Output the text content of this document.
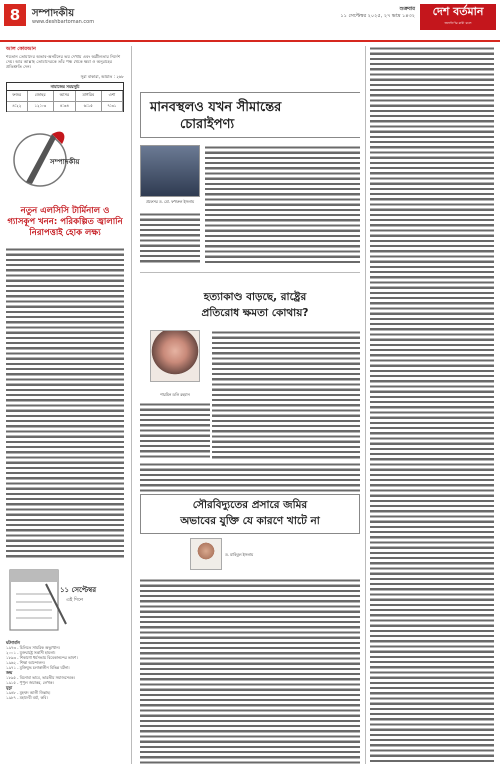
8	সম্পাদকীয়
www.deshbartoman.com
শুক্রবার
১১ সেপ্টেম্বর ২০২৫, ২৭ ভাদ্র ১৪৩২	দেশ বর্তমান
জনগণের কথা বলে
আল কোরআন
শয়তান তোমাদের অভাব-অনটনের ভয় দেখায় এবং অশ্লীলতার নির্দেশ দেয়। আর আল্লাহ তোমাদেরকে তাঁর পক্ষ থেকে ক্ষমা ও অনুগ্রহের প্রতিশ্রুতি দেন।
সূরা বাকারা, আয়াত : ২৬৮
নামাজের সময়সূচি
ফজর	জোহর	আসর	মাগরিব	এশা
৪:২২	১২:০৩	৪:৩৪	৬:১৫	৭:৩১
সম্পাদকীয়
নতুন এলসিসি টার্মিনাল ও গ্যাসকূপ খনন: পরিকল্পিত জ্বালানি নিরাপত্তাই হোক লক্ষ্য
১১ সেপ্টেম্বর
এই দিনে
ঘটনাবলি
১৯৭৩ - চিলিতে সামরিক অভ্যুত্থান।
২০০১ - যুক্তরাষ্ট্রে সন্ত্রাসী হামলা।
১৮৯৩ - শিকাগো ধর্মসভায় বিবেকানন্দের ভাষণ।
১৯৬২ - শিক্ষা আন্দোলন।
১৯৭১ - মুক্তিযুদ্ধ চলাকালীন বিভিন্ন ঘটনা।
জন্ম
১৮৯৫ - বিনোবা ভাবে, ভারতীয় সমাজসেবক।
১৯১৫ - পুপুল জয়াকর, লেখক।
মৃত্যু
১৯৪৮ - মুহম্মদ আলী জিন্নাহ।
১৯৮৭ - মহাদেবী বর্মা, কবি।
মানবস্থলও যখন সীমান্তের
চোরাইপণ্য
প্রফেসর ড. মো. ফখরুল ইসলাম
হত্যাকাণ্ড বাড়ছে, রাষ্ট্রের
প্রতিরোধ ক্ষমতা কোথায়?
শারমিন ডলি রহমান
সৌরবিদ্যুতের প্রসারে জমির
অভাবের যুক্তি যে কারণে খাটে না
ড. মাহিবুল ইসলাম
